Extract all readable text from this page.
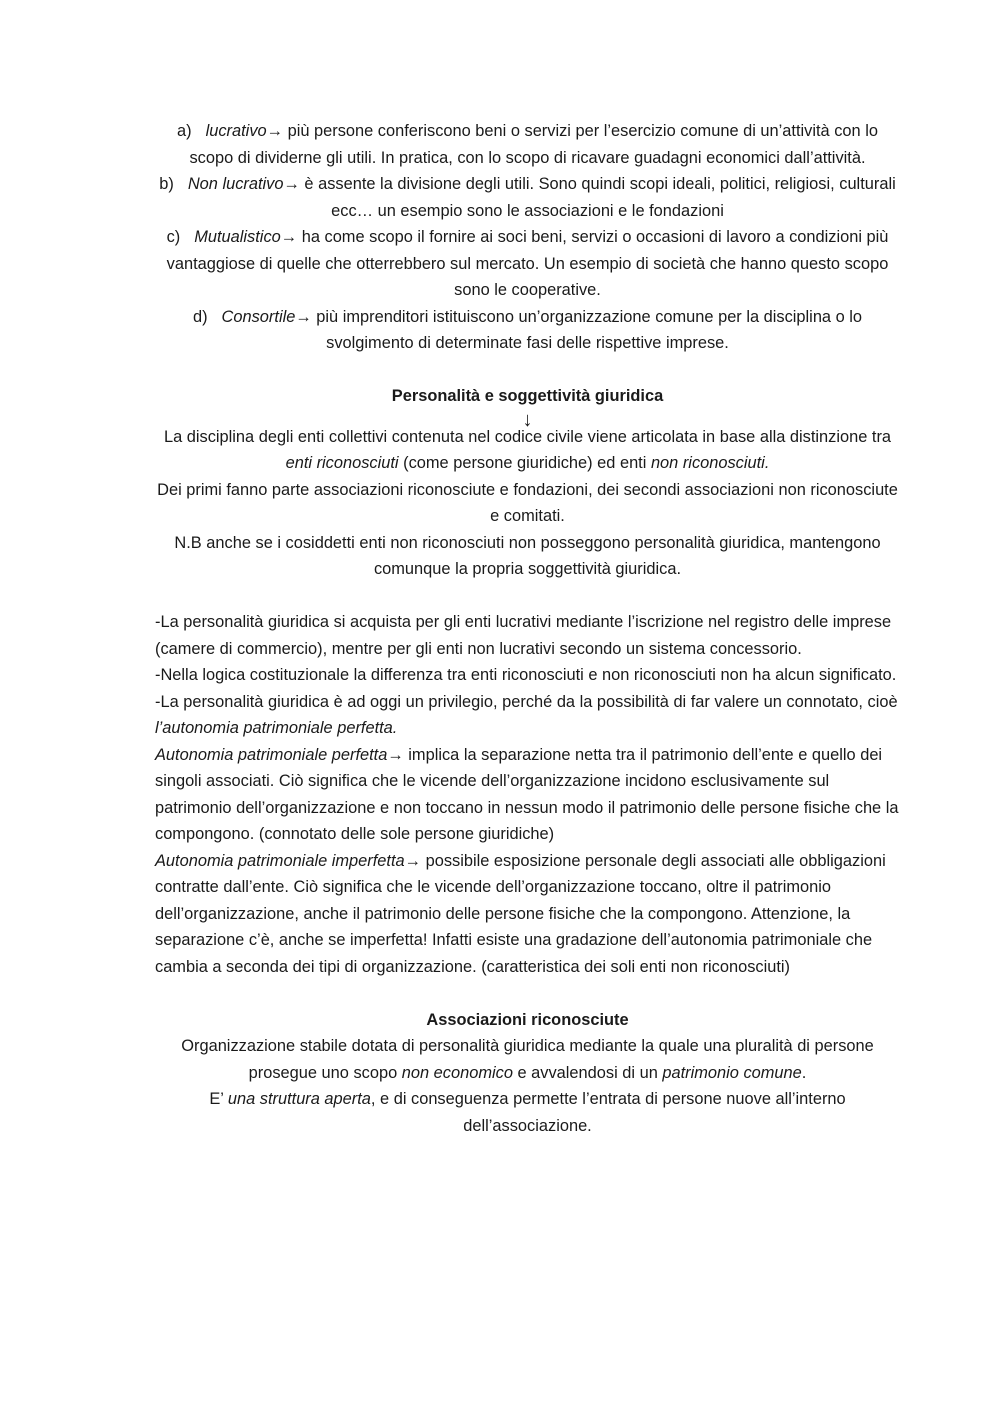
a) lucrativo→ più persone conferiscono beni o servizi per l’esercizio comune di un’attività con lo scopo di dividerne gli utili. In pratica, con lo scopo di ricavare guadagni economici dall’attività.
b) Non lucrativo→ è assente la divisione degli utili. Sono quindi scopi ideali, politici, religiosi, culturali ecc… un esempio sono le associazioni e le fondazioni
c) Mutualistico→ ha come scopo il fornire ai soci beni, servizi o occasioni di lavoro a condizioni più vantaggiose di quelle che otterrebbero sul mercato. Un esempio di società che hanno questo scopo sono le cooperative.
d) Consortile→ più imprenditori istituiscono un’organizzazione comune per la disciplina o lo svolgimento di determinate fasi delle rispettive imprese.
Personalità e soggettività giuridica
↓
La disciplina degli enti collettivi contenuta nel codice civile viene articolata in base alla distinzione tra enti riconosciuti (come persone giuridiche) ed enti non riconosciuti.
Dei primi fanno parte associazioni riconosciute e fondazioni, dei secondi associazioni non riconosciute e comitati.
N.B anche se i cosiddetti enti non riconosciuti non posseggono personalità giuridica, mantengono comunque la propria soggettività giuridica.
-La personalità giuridica si acquista per gli enti lucrativi mediante l’iscrizione nel registro delle imprese (camere di commercio), mentre per gli enti non lucrativi secondo un sistema concessorio.
-Nella logica costituzionale la differenza tra enti riconosciuti e non riconosciuti non ha alcun significato.
-La personalità giuridica è ad oggi un privilegio, perché da la possibilità di far valere un connotato, cioè l’autonomia patrimoniale perfetta.
Autonomia patrimoniale perfetta→ implica la separazione netta tra il patrimonio dell’ente e quello dei singoli associati. Ciò significa che le vicende dell’organizzazione incidono esclusivamente sul patrimonio dell’organizzazione e non toccano in nessun modo il patrimonio delle persone fisiche che la compongono. (connotato delle sole persone giuridiche)
Autonomia patrimoniale imperfetta→ possibile esposizione personale degli associati alle obbligazioni contratte dall’ente. Ciò significa che le vicende dell’organizzazione toccano, oltre il patrimonio dell’organizzazione, anche il patrimonio delle persone fisiche che la compongono. Attenzione, la separazione c’è, anche se imperfetta! Infatti esiste una gradazione dell’autonomia patrimoniale che cambia a seconda dei tipi di organizzazione. (caratteristica dei soli enti non riconosciuti)
Associazioni riconosciute
Organizzazione stabile dotata di personalità giuridica mediante la quale una pluralità di persone prosegue uno scopo non economico e avvalendosi di un patrimonio comune.
E’ una struttura aperta, e di conseguenza permette l’entrata di persone nuove all’interno dell’associazione.
